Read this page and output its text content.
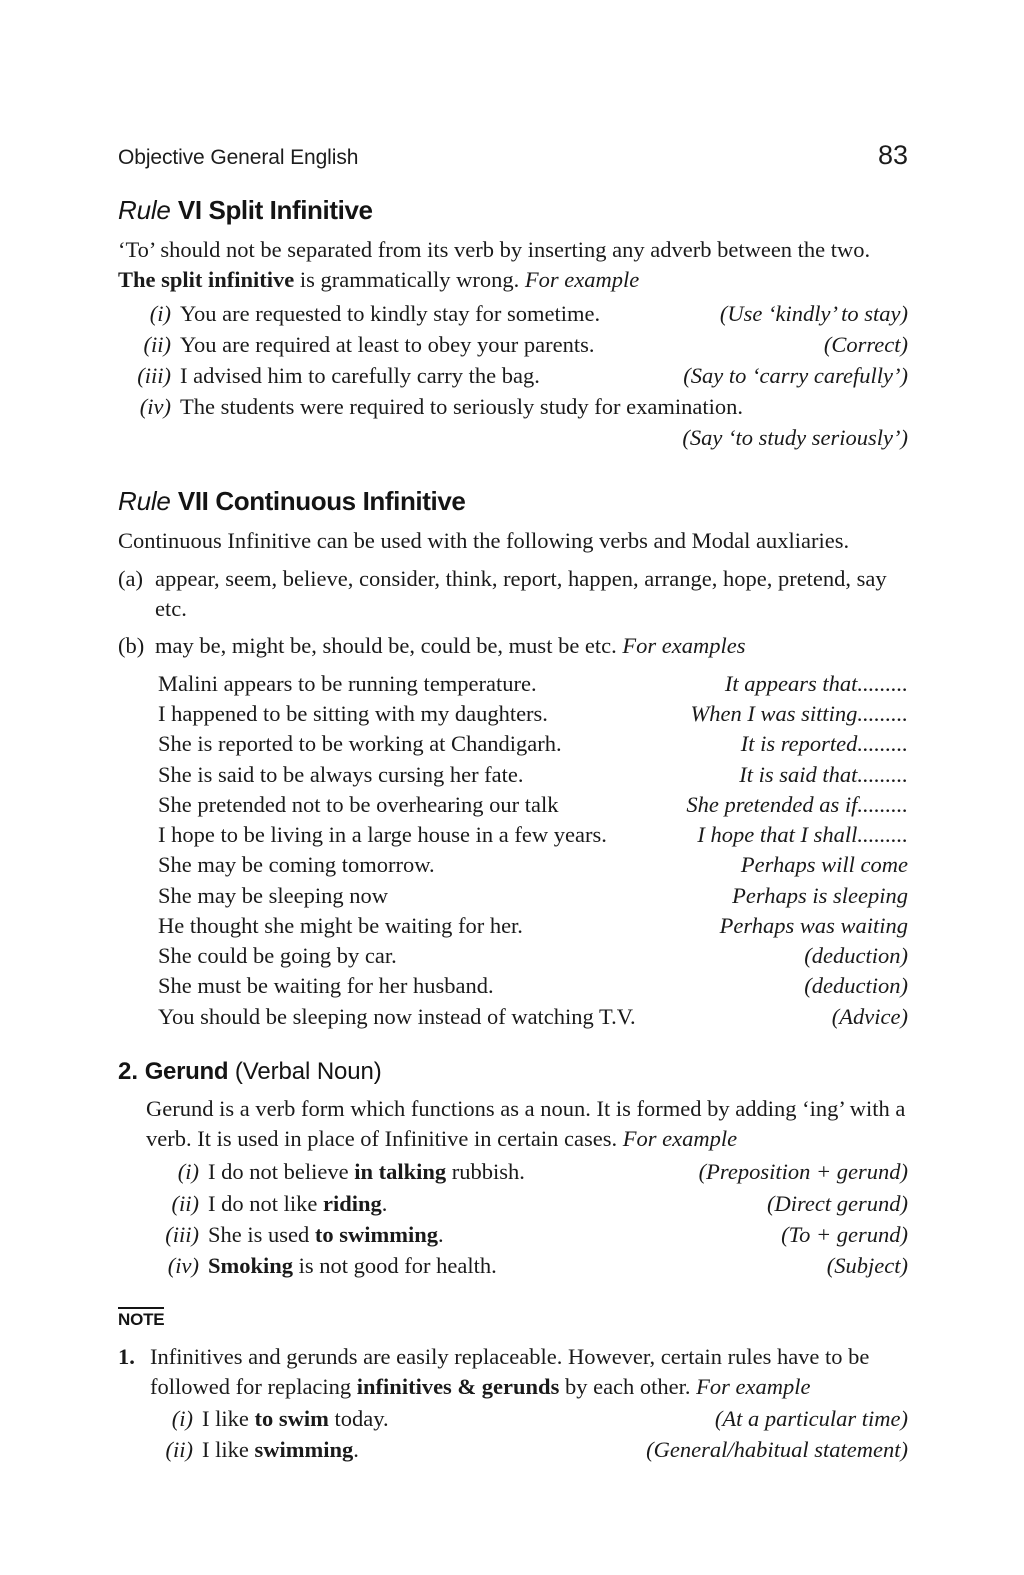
Objective General English	83
Rule VI Split Infinitive

‘To’ should not be separated from its verb by inserting any adverb between the two. The split infinitive is grammatically wrong. For example

(i) You are requested to kindly stay for sometime.	(Use ‘kindly’ to stay)
(ii) You are required at least to obey your parents.	(Correct)
(iii) I advised him to carefully carry the bag.	(Say to ‘carry carefully’)
(iv) The students were required to seriously study for examination.
(Say ‘to study seriously’)
Rule VII Continuous Infinitive

Continuous Infinitive can be used with the following verbs and Modal auxliaries.

(a) appear, seem, believe, consider, think, report, happen, arrange, hope, pretend, say etc.
(b) may be, might be, should be, could be, must be etc. For examples
Malini appears to be running temperature.	It appears that.........
I happened to be sitting with my daughters.	When I was sitting.........
She is reported to be working at Chandigarh.	It is reported.........
She is said to be always cursing her fate.	It is said that.........
She pretended not to be overhearing our talk	She pretended as if.........
I hope to be living in a large house in a few years.	I hope that I shall.........
She may be coming tomorrow.	Perhaps will come
She may be sleeping now	Perhaps is sleeping
He thought she might be waiting for her.	Perhaps was waiting
She could be going by car.	(deduction)
She must be waiting for her husband.	(deduction)
You should be sleeping now instead of watching T.V.	(Advice)
2. Gerund (Verbal Noun)

Gerund is a verb form which functions as a noun. It is formed by adding ‘ing’ with a verb. It is used in place of Infinitive in certain cases. For example

(i) I do not believe in talking rubbish.	(Preposition + gerund)
(ii) I do not like riding.	(Direct gerund)
(iii) She is used to swimming.	(To + gerund)
(iv) Smoking is not good for health.	(Subject)
NOTE
1. Infinitives and gerunds are easily replaceable. However, certain rules have to be followed for replacing infinitives & gerunds by each other. For example
(i) I like to swim today.	(At a particular time)
(ii) I like swimming.	(General/habitual statement)
